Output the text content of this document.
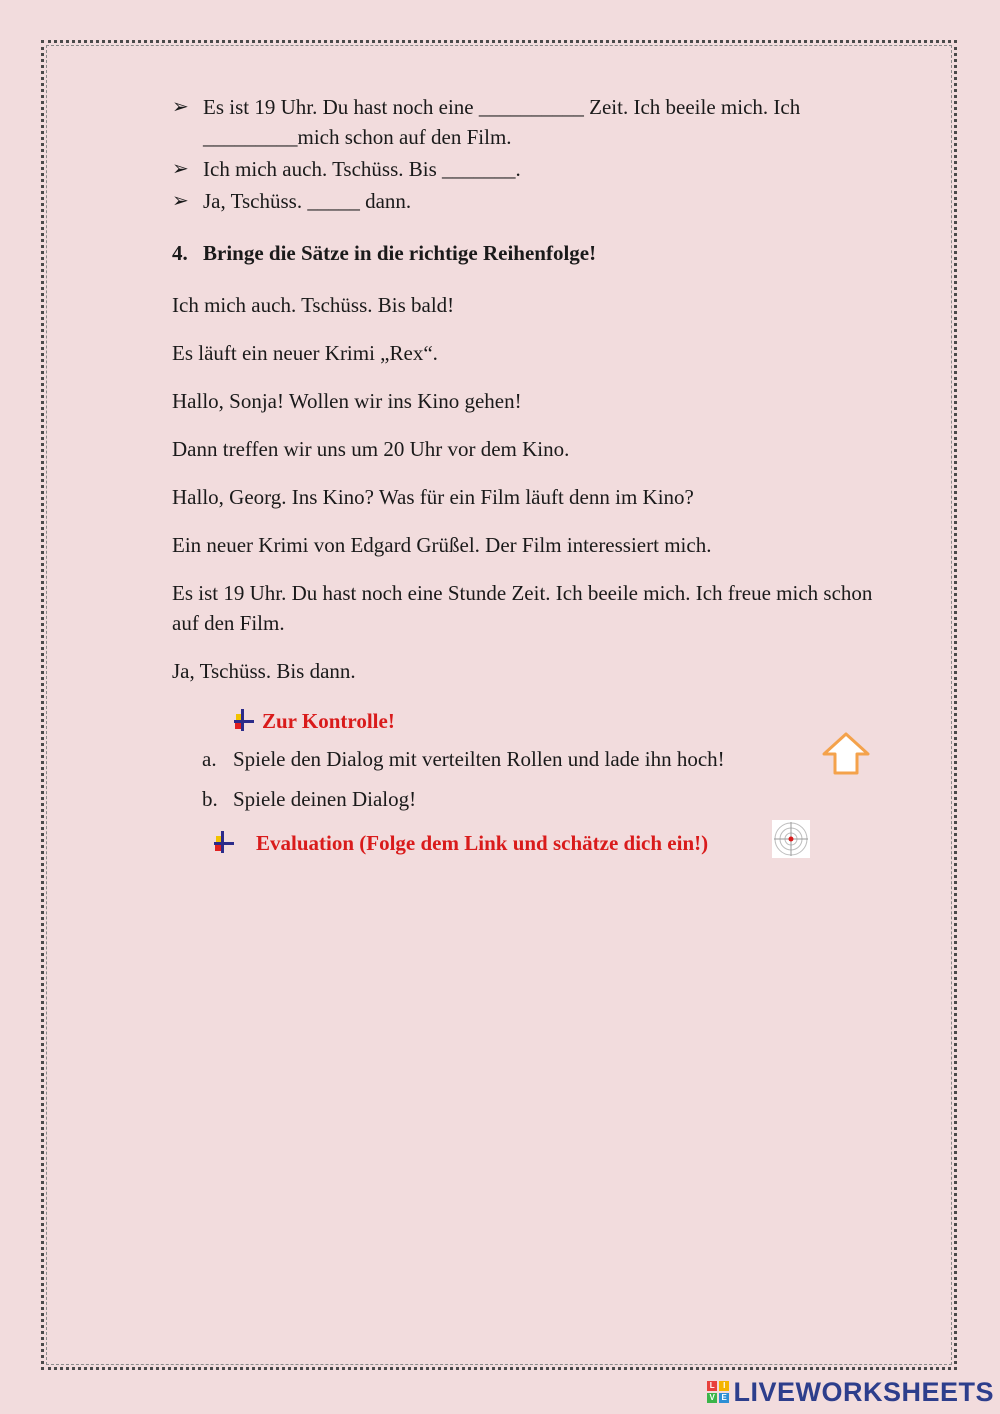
➢ Es ist 19 Uhr. Du hast noch eine __________ Zeit. Ich beeile mich. Ich
_________mich schon auf den Film.
➢ Ich mich auch. Tschüss. Bis _______.
➢ Ja, Tschüss. _____ dann.
4. Bringe die Sätze in die richtige Reihenfolge!

Ich mich auch. Tschüss. Bis bald!

Es läuft ein neuer Krimi „Rex“.

Hallo, Sonja! Wollen wir ins Kino gehen!

Dann treffen wir uns um 20 Uhr vor dem Kino.

Hallo, Georg. Ins Kino? Was für ein Film läuft denn im Kino?

Ein neuer Krimi von Edgard Grüßel. Der Film interessiert mich.

Es ist 19 Uhr. Du hast noch eine Stunde Zeit. Ich beeile mich. Ich freue mich schon auf den Film.

Ja, Tschüss. Bis dann.

Zur Kontrolle!
a. Spiele den Dialog mit verteilten Rollen und lade ihn hoch!
b. Spiele deinen Dialog!
Evaluation (Folge dem Link und schätze dich ein!)
L I
V E LIVEWORKSHEETS
